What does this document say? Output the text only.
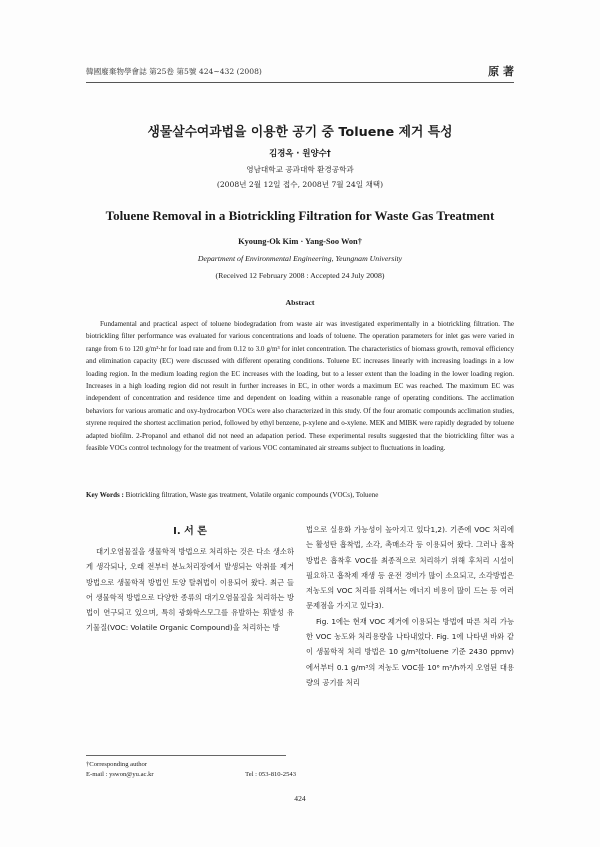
韓國廢棄物學會誌 第25卷 第5號 424~432 (2008)	原 著
생물살수여과법을 이용한 공기 중 Toluene 제거 특성
김경옥 · 원양수†
영남대학교 공과대학 환경공학과
(2008년 2월 12일 접수, 2008년 7월 24일 채택)
Toluene Removal in a Biotrickling Filtration for Waste Gas Treatment
Kyoung-Ok Kim · Yang-Soo Won†
Department of Environmental Engineering, Yeungnam University
(Received 12 February 2008 : Accepted 24 July 2008)
Abstract
Fundamental and practical aspect of toluene biodegradation from waste air was investigated experimentally in a biotrickling filtration. The biotrickling filter performance was evaluated for various concentrations and loads of toluene. The operation parameters for inlet gas were varied in range from 6 to 120 g/m³·hr for load rate and from 0.12 to 3.0 g/m³ for inlet concentration. The characteristics of biomass growth, removal efficiency and elimination capacity (EC) were discussed with different operating conditions. Toluene EC increases linearly with increasing loadings in a low loading region. In the medium loading region the EC increases with the loading, but to a lesser extent than the loading in the lower loading region. Increases in a high loading region did not result in further increases in EC, in other words a maximum EC was reached. The maximum EC was independent of concentration and residence time and dependent on loading within a reasonable range of operating conditions. The acclimation behaviors for various aromatic and oxy-hydrocarbon VOCs were also characterized in this study. Of the four aromatic compounds acclimation studies, styrene required the shortest acclimation period, followed by ethyl benzene, p-xylene and o-xylene. MEK and MIBK were rapidly degraded by toluene adapted biofilm. 2-Propanol and ethanol did not need an adapation period. These experimental results suggested that the biotrickling filter was a feasible VOCs control technology for the treatment of various VOC contaminated air streams subject to fluctuations in loading.
Key Words : Biotrickling filtration, Waste gas treatment, Volatile organic compounds (VOCs), Toluene
I. 서 론

대기오염물질을 생물학적 방법으로 처리하는 것은 다소 생소하게 생각되나, 오래 전부터 분뇨처리장에서 발생되는 악취를 제거 방법으로 생물학적 방법인 토양 탈취법이 이용되어 왔다. 최근 들어 생물학적 방법으로 다양한 종류의 대기오염물질을 처리하는 방법이 연구되고 있으며, 특히 광화학스모그를 유발하는 휘발성 유기물질(VOC: Volatile Organic Compound)을 처리하는 방

법으로 실용화 가능성이 높아지고 있다1,2). 기존에 VOC 처리에는 활성탄 흡착법, 소각, 촉매소각 등 이용되어 왔다. 그러나 흡착방법은 흡착후 VOC를 최종적으로 처리하기 위해 후처리 시설이 필요하고 흡착제 재생 등 운전 경비가 많이 소요되고, 소각방법은 저농도의 VOC 처리를 위해서는 에너지 비용이 많이 드는 등 여러 문제점을 가지고 있다3).

Fig. 1에는 현재 VOC 제거에 이용되는 방법에 따른 처리 가능한 VOC 농도와 처리용량을 나타내었다. Fig. 1에 나타낸 바와 같이 생물학적 처리 방법은 10 g/m³(toluene 기준 2430 ppmv)에서부터 0.1 g/m³의 저농도 VOC를 10⁶ m³/h까지 오염된 대용량의 공기를 처리

†Corresponding author
E-mail : yswon@yu.ac.kr	Tel : 053-810-2543
424
